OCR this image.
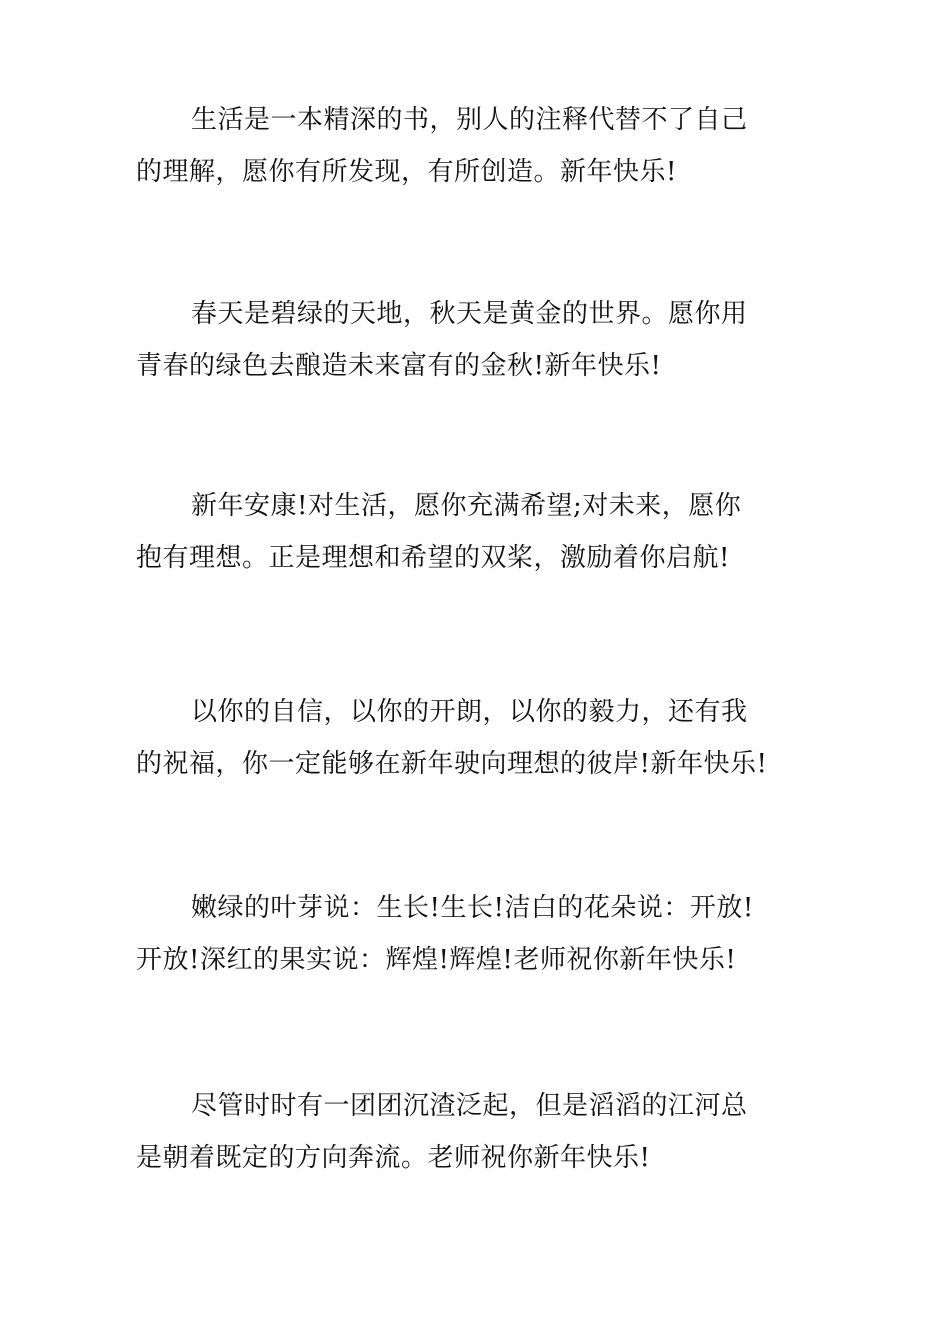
生活是一本精深的书，别人的注释代替不了自己
的理解，愿你有所发现，有所创造。新年快乐!
春天是碧绿的天地，秋天是黄金的世界。愿你用
青春的绿色去酿造未来富有的金秋!新年快乐!
新年安康!对生活，愿你充满希望;对未来，愿你
抱有理想。正是理想和希望的双桨，激励着你启航!
以你的自信，以你的开朗，以你的毅力，还有我
的祝福，你一定能够在新年驶向理想的彼岸!新年快乐!
嫩绿的叶芽说：生长!生长!洁白的花朵说：开放!
开放!深红的果实说：辉煌!辉煌!老师祝你新年快乐!
尽管时时有一团团沉渣泛起，但是滔滔的江河总
是朝着既定的方向奔流。老师祝你新年快乐!
